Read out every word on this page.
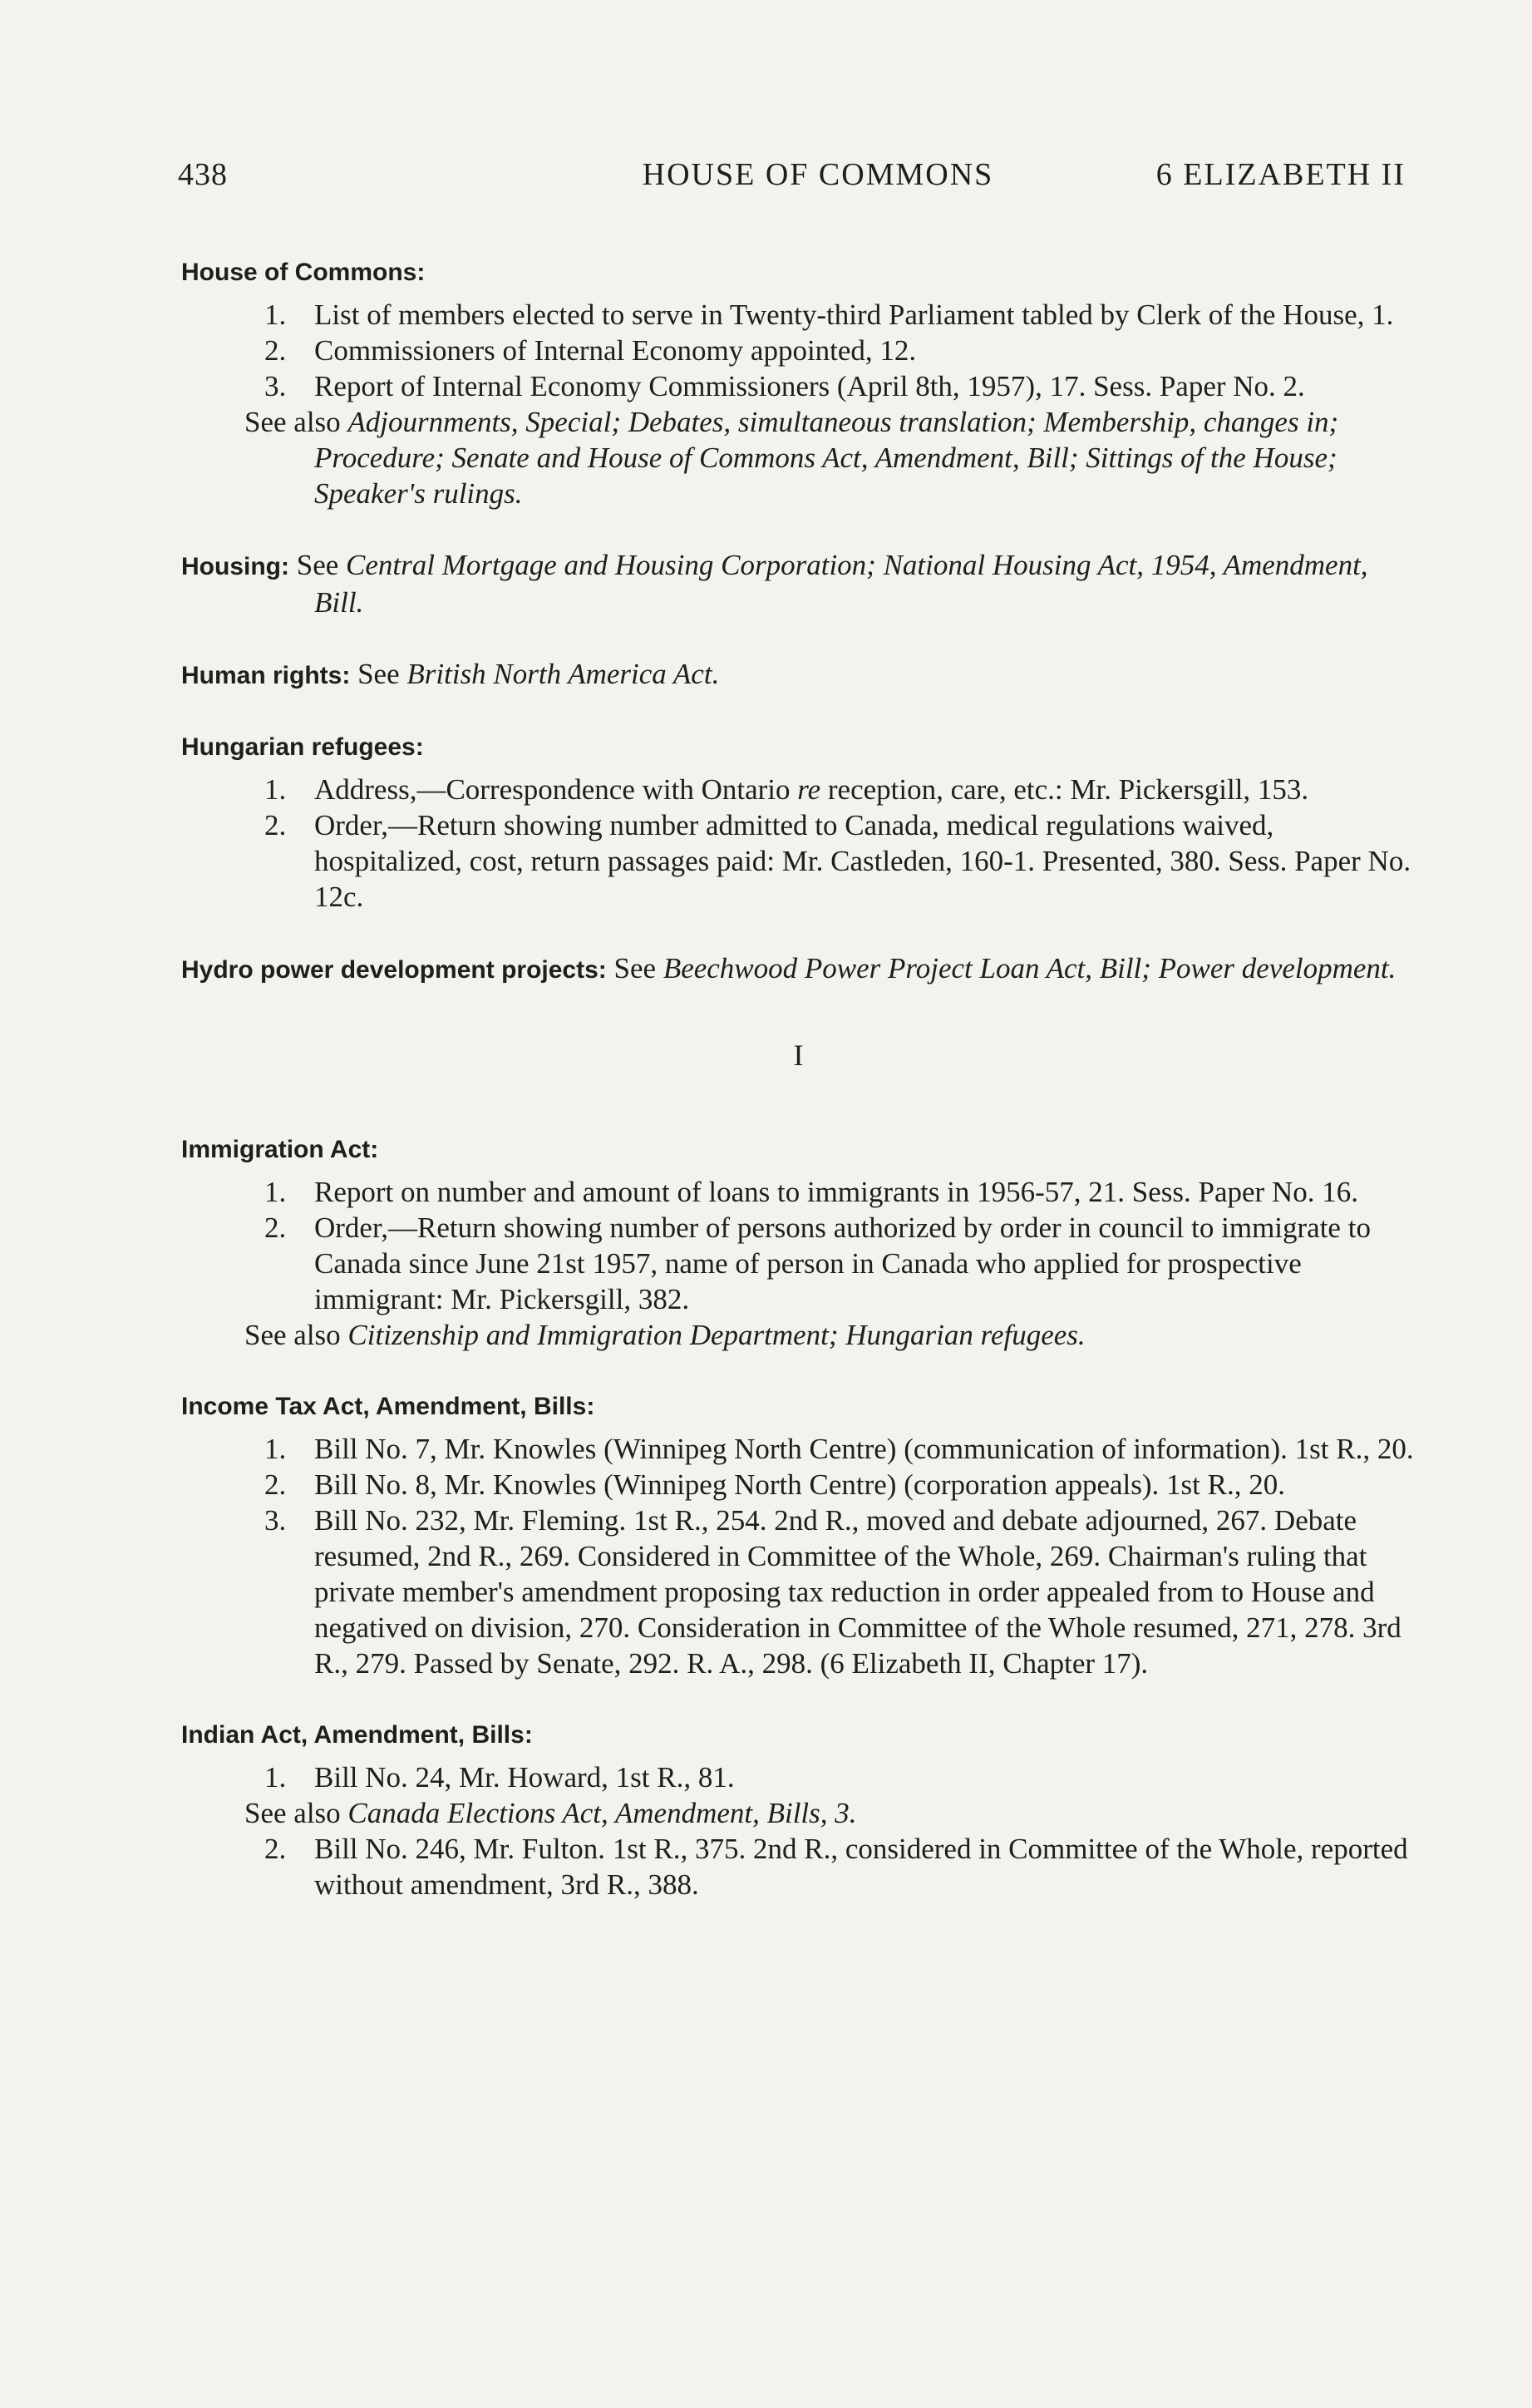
438	HOUSE OF COMMONS	6 ELIZABETH II
House of Commons:
1. List of members elected to serve in Twenty-third Parliament tabled by Clerk of the House, 1.
2. Commissioners of Internal Economy appointed, 12.
3. Report of Internal Economy Commissioners (April 8th, 1957), 17. Sess. Paper No. 2.
See also Adjournments, Special; Debates, simultaneous translation; Membership, changes in; Procedure; Senate and House of Commons Act, Amendment, Bill; Sittings of the House; Speaker's rulings.
Housing: See Central Mortgage and Housing Corporation; National Housing Act, 1954, Amendment, Bill.
Human rights: See British North America Act.
Hungarian refugees:
1. Address,—Correspondence with Ontario re reception, care, etc.: Mr. Pickersgill, 153.
2. Order,—Return showing number admitted to Canada, medical regulations waived, hospitalized, cost, return passages paid: Mr. Castleden, 160-1. Presented, 380. Sess. Paper No. 12c.
Hydro power development projects: See Beechwood Power Project Loan Act, Bill; Power development.
I
Immigration Act:
1. Report on number and amount of loans to immigrants in 1956-57, 21. Sess. Paper No. 16.
2. Order,—Return showing number of persons authorized by order in council to immigrate to Canada since June 21st 1957, name of person in Canada who applied for prospective immigrant: Mr. Pickersgill, 382.
See also Citizenship and Immigration Department; Hungarian refugees.
Income Tax Act, Amendment, Bills:
1. Bill No. 7, Mr. Knowles (Winnipeg North Centre) (communication of information). 1st R., 20.
2. Bill No. 8, Mr. Knowles (Winnipeg North Centre) (corporation appeals). 1st R., 20.
3. Bill No. 232, Mr. Fleming. 1st R., 254. 2nd R., moved and debate adjourned, 267. Debate resumed, 2nd R., 269. Considered in Committee of the Whole, 269. Chairman's ruling that private member's amendment proposing tax reduction in order appealed from to House and negatived on division, 270. Consideration in Committee of the Whole resumed, 271, 278. 3rd R., 279. Passed by Senate, 292. R. A., 298. (6 Elizabeth II, Chapter 17).
Indian Act, Amendment, Bills:
1. Bill No. 24, Mr. Howard, 1st R., 81.
See also Canada Elections Act, Amendment, Bills, 3.
2. Bill No. 246, Mr. Fulton. 1st R., 375. 2nd R., considered in Committee of the Whole, reported without amendment, 3rd R., 388.
